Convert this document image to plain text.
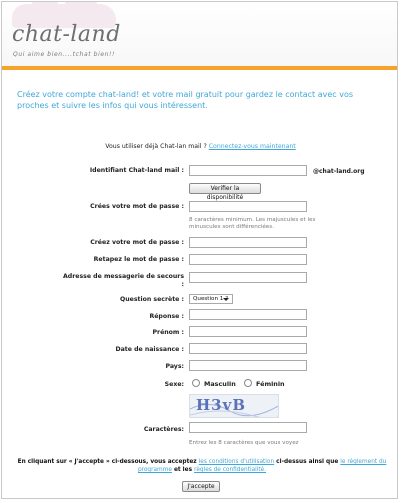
chat-land
Qui aime bien....tchat bien!!
Créez votre compte chat-land! et votre mail gratuit pour gardez le contact avec vos proches et suivre les infos qui vous intéressent.
Vous utiliser déjà Chat-lan mail ? Connectez-vous maintenant
Identifiant Chat-land mail :	@chat-land.org
Verifier la disponibilité
Crées votre mot de passe :
8 caractères minimum. Les majuscules et les minuscules sont différenciées.
Créez votre mot de passe :
Retapez le mot de passe :
Adresse de messagerie de secours
:
Question secrète :	Question 1 ?
Réponse :
Prénom :
Date de naissance :
Pays:
Sexe:	Masculin	Féminin
H3vB
Caractères:
Entrez les 8 caractères que vous voyez
En cliquant sur « J'accepte » ci-dessous, vous acceptez les conditions d'utilisation ci-dessus ainsi que le règlement du programme et les règles de confidentialité.
J'accepte
